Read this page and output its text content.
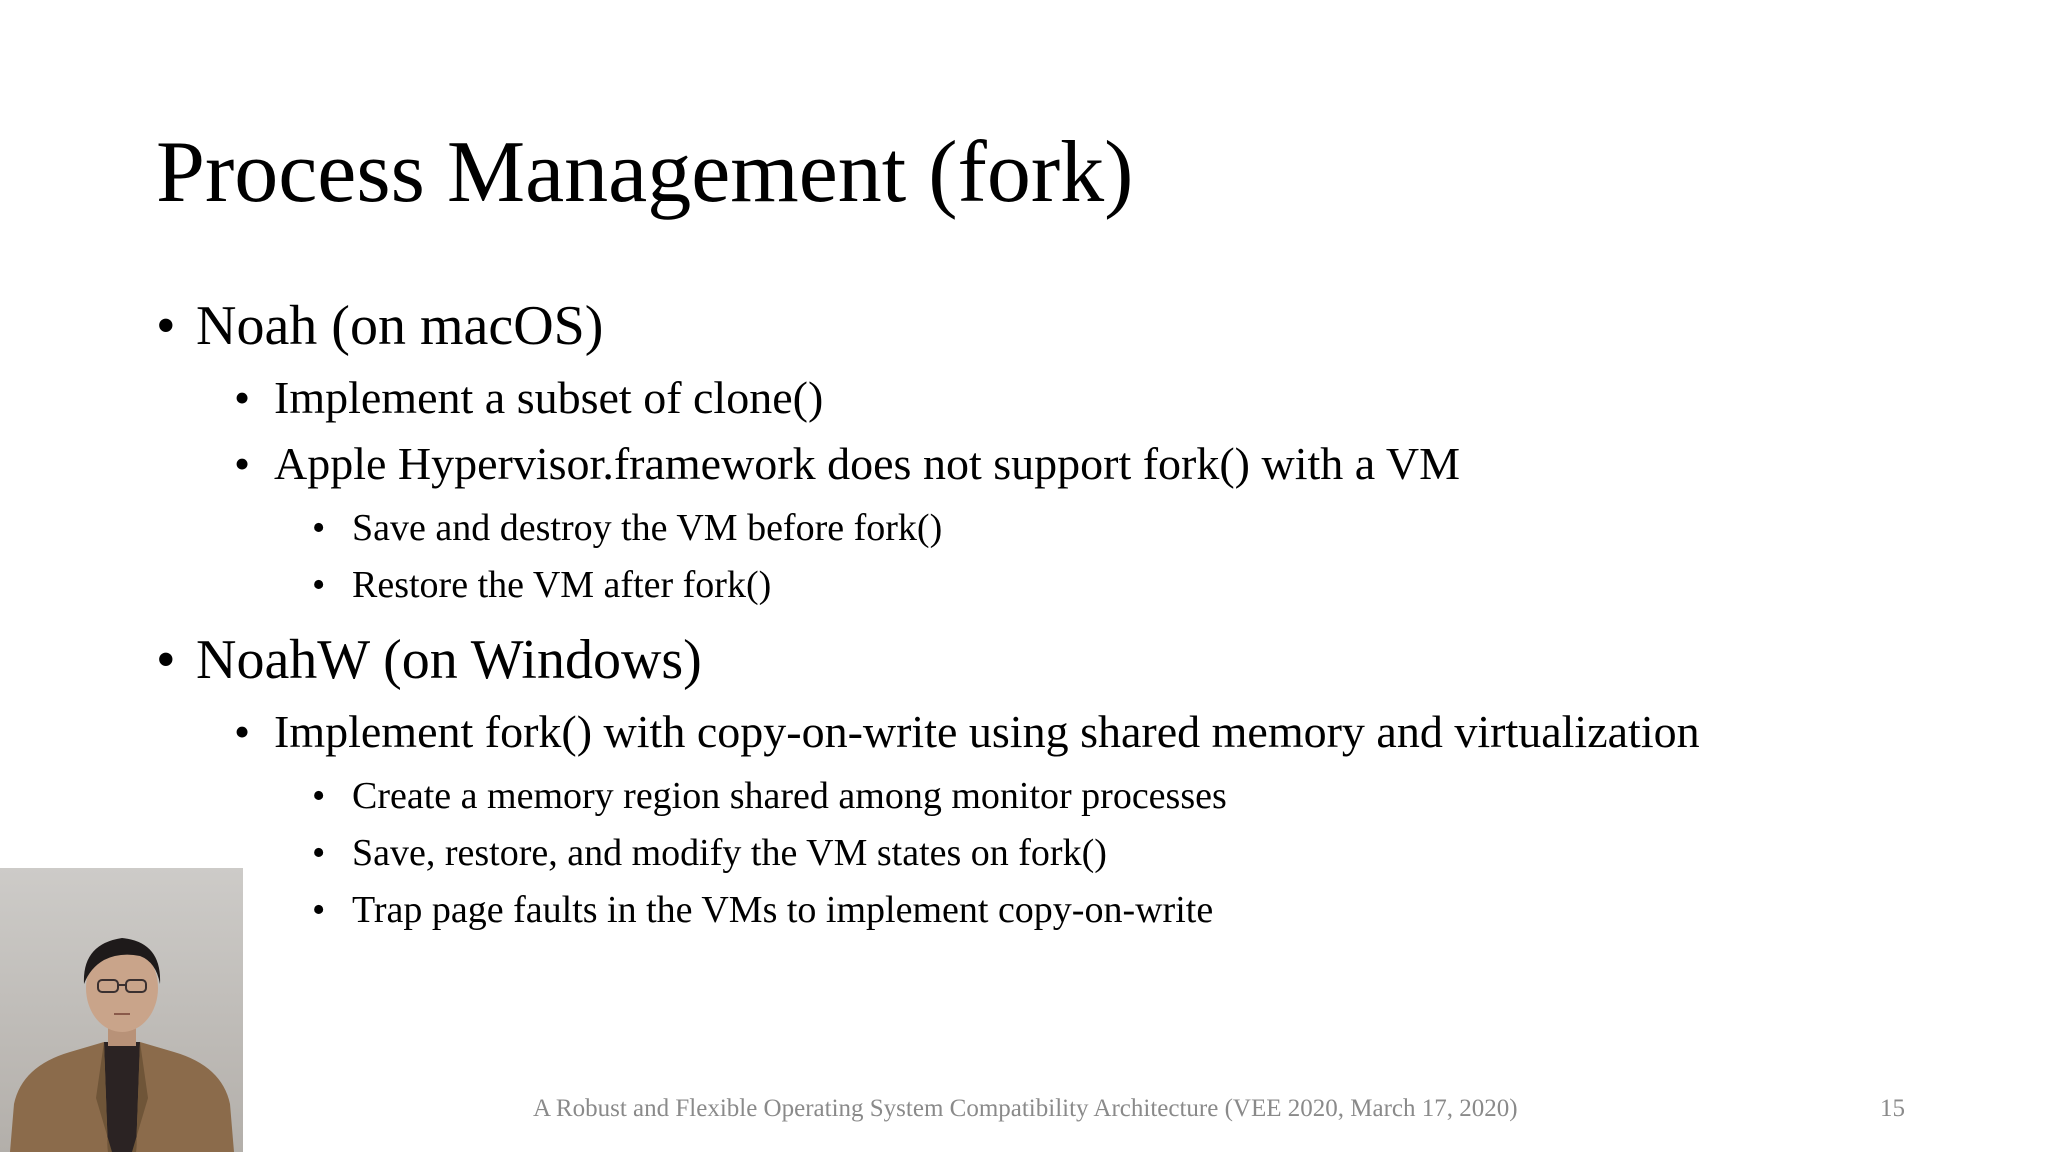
Process Management (fork)
• Noah (on macOS)
• Implement a subset of clone()
• Apple Hypervisor.framework does not support fork() with a VM
• Save and destroy the VM before fork()
• Restore the VM after fork()
• NoahW (on Windows)
• Implement fork() with copy-on-write using shared memory and virtualization
• Create a memory region shared among monitor processes
• Save, restore, and modify the VM states on fork()
• Trap page faults in the VMs to implement copy-on-write
A Robust and Flexible Operating System Compatibility Architecture (VEE 2020, March 17, 2020)	15
